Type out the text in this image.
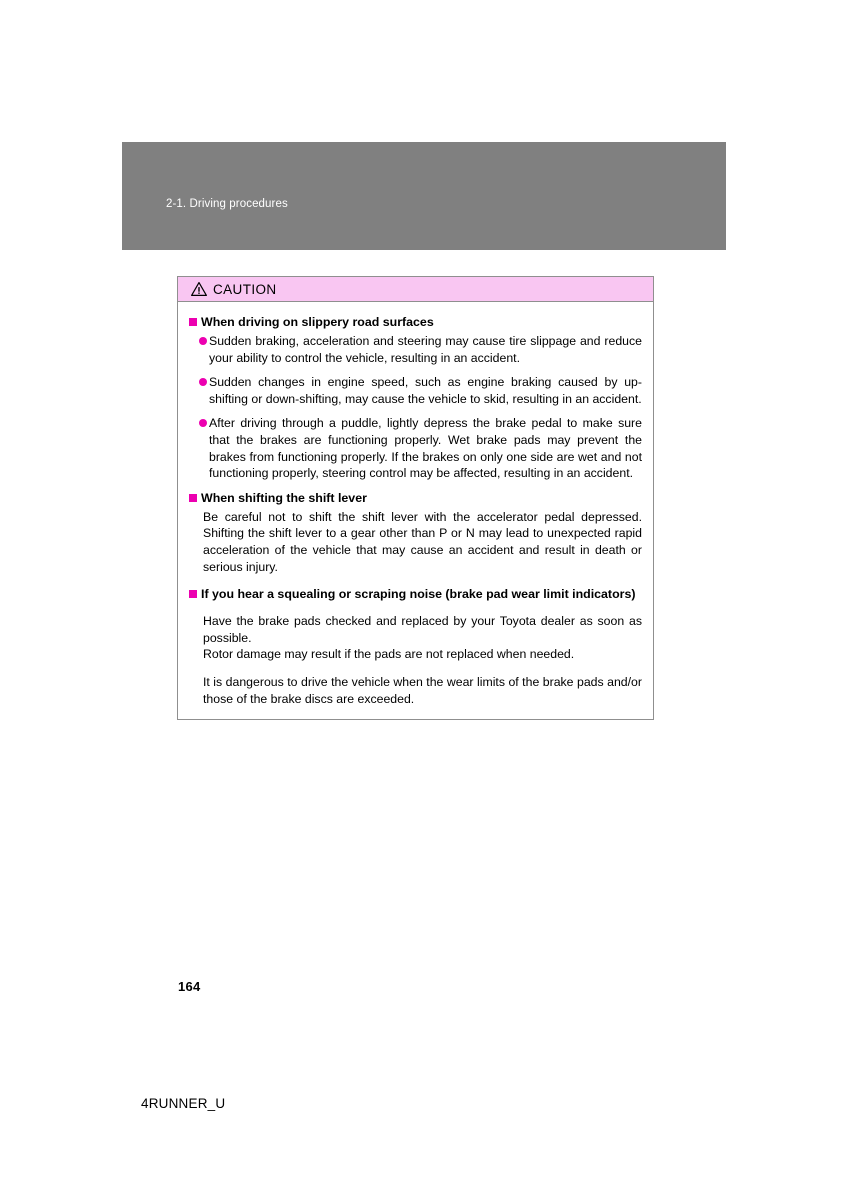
2-1. Driving procedures
CAUTION
When driving on slippery road surfaces
Sudden braking, acceleration and steering may cause tire slippage and reduce your ability to control the vehicle, resulting in an accident.
Sudden changes in engine speed, such as engine braking caused by up-shifting or down-shifting, may cause the vehicle to skid, resulting in an accident.
After driving through a puddle, lightly depress the brake pedal to make sure that the brakes are functioning properly. Wet brake pads may prevent the brakes from functioning properly. If the brakes on only one side are wet and not functioning properly, steering control may be affected, resulting in an accident.
When shifting the shift lever

Be careful not to shift the shift lever with the accelerator pedal depressed. Shifting the shift lever to a gear other than P or N may lead to unexpected rapid acceleration of the vehicle that may cause an accident and result in death or serious injury.

If you hear a squealing or scraping noise (brake pad wear limit indicators)

Have the brake pads checked and replaced by your Toyota dealer as soon as possible.

Rotor damage may result if the pads are not replaced when needed.

It is dangerous to drive the vehicle when the wear limits of the brake pads and/or those of the brake discs are exceeded.

164
4RUNNER_U
